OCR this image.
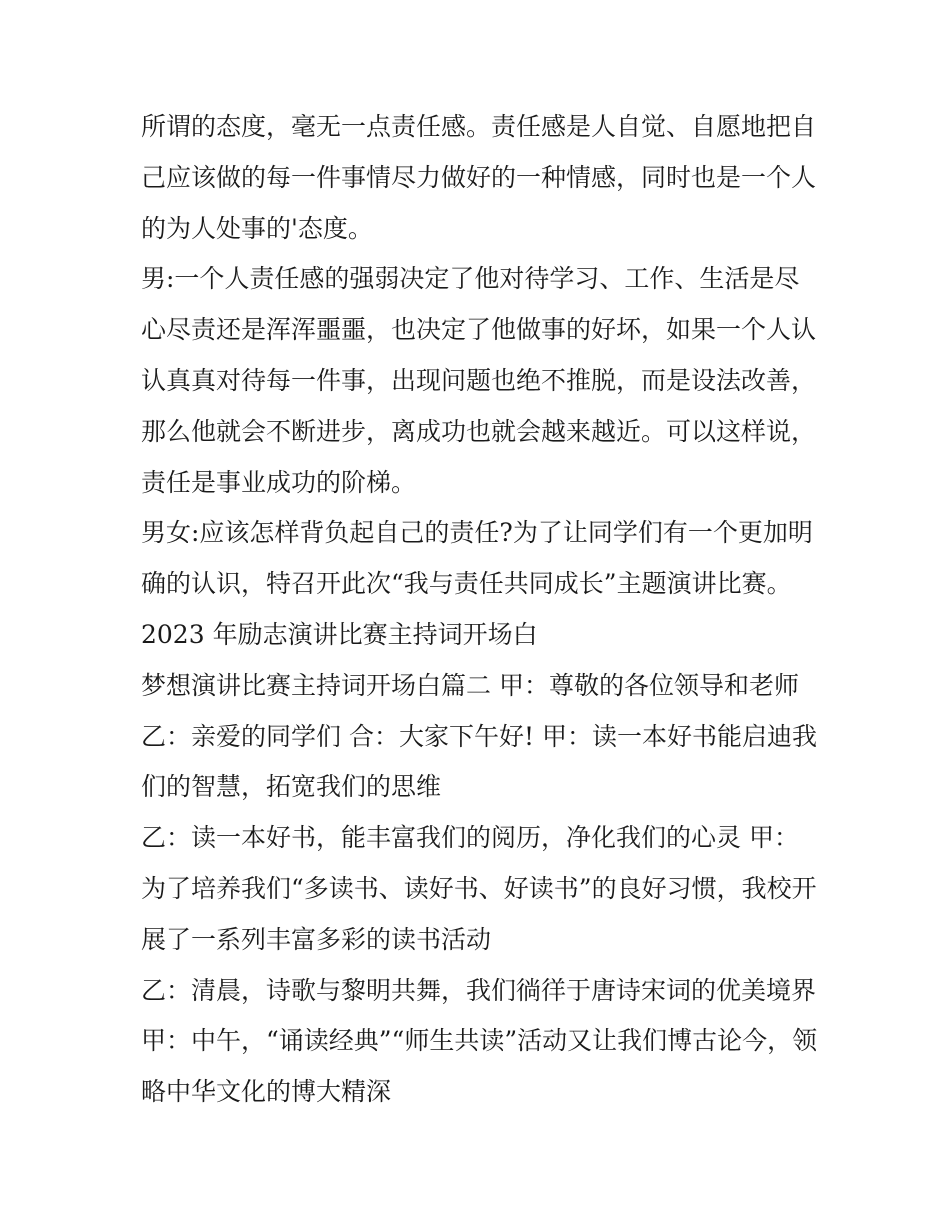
所谓的态度，毫无一点责任感。责任感是人自觉、自愿地把自
己应该做的每一件事情尽力做好的一种情感，同时也是一个人
的为人处事的'态度。

男:一个人责任感的强弱决定了他对待学习、工作、生活是尽
心尽责还是浑浑噩噩，也决定了他做事的好坏，如果一个人认
认真真对待每一件事，出现问题也绝不推脱，而是设法改善，
那么他就会不断进步，离成功也就会越来越近。可以这样说，
责任是事业成功的阶梯。

男女:应该怎样背负起自己的责任?为了让同学们有一个更加明
确的认识，特召开此次“我与责任共同成长”主题演讲比赛。

2023 年励志演讲比赛主持词开场白

梦想演讲比赛主持词开场白篇二 甲：尊敬的各位领导和老师
乙：亲爱的同学们 合：大家下午好! 甲：读一本好书能启迪我
们的智慧，拓宽我们的思维

乙：读一本好书，能丰富我们的阅历，净化我们的心灵 甲：
为了培养我们“多读书、读好书、好读书”的良好习惯，我校开
展了一系列丰富多彩的读书活动

乙：清晨，诗歌与黎明共舞，我们徜徉于唐诗宋词的优美境界

甲：中午，“诵读经典”“师生共读”活动又让我们博古论今，领
略中华文化的博大精深
